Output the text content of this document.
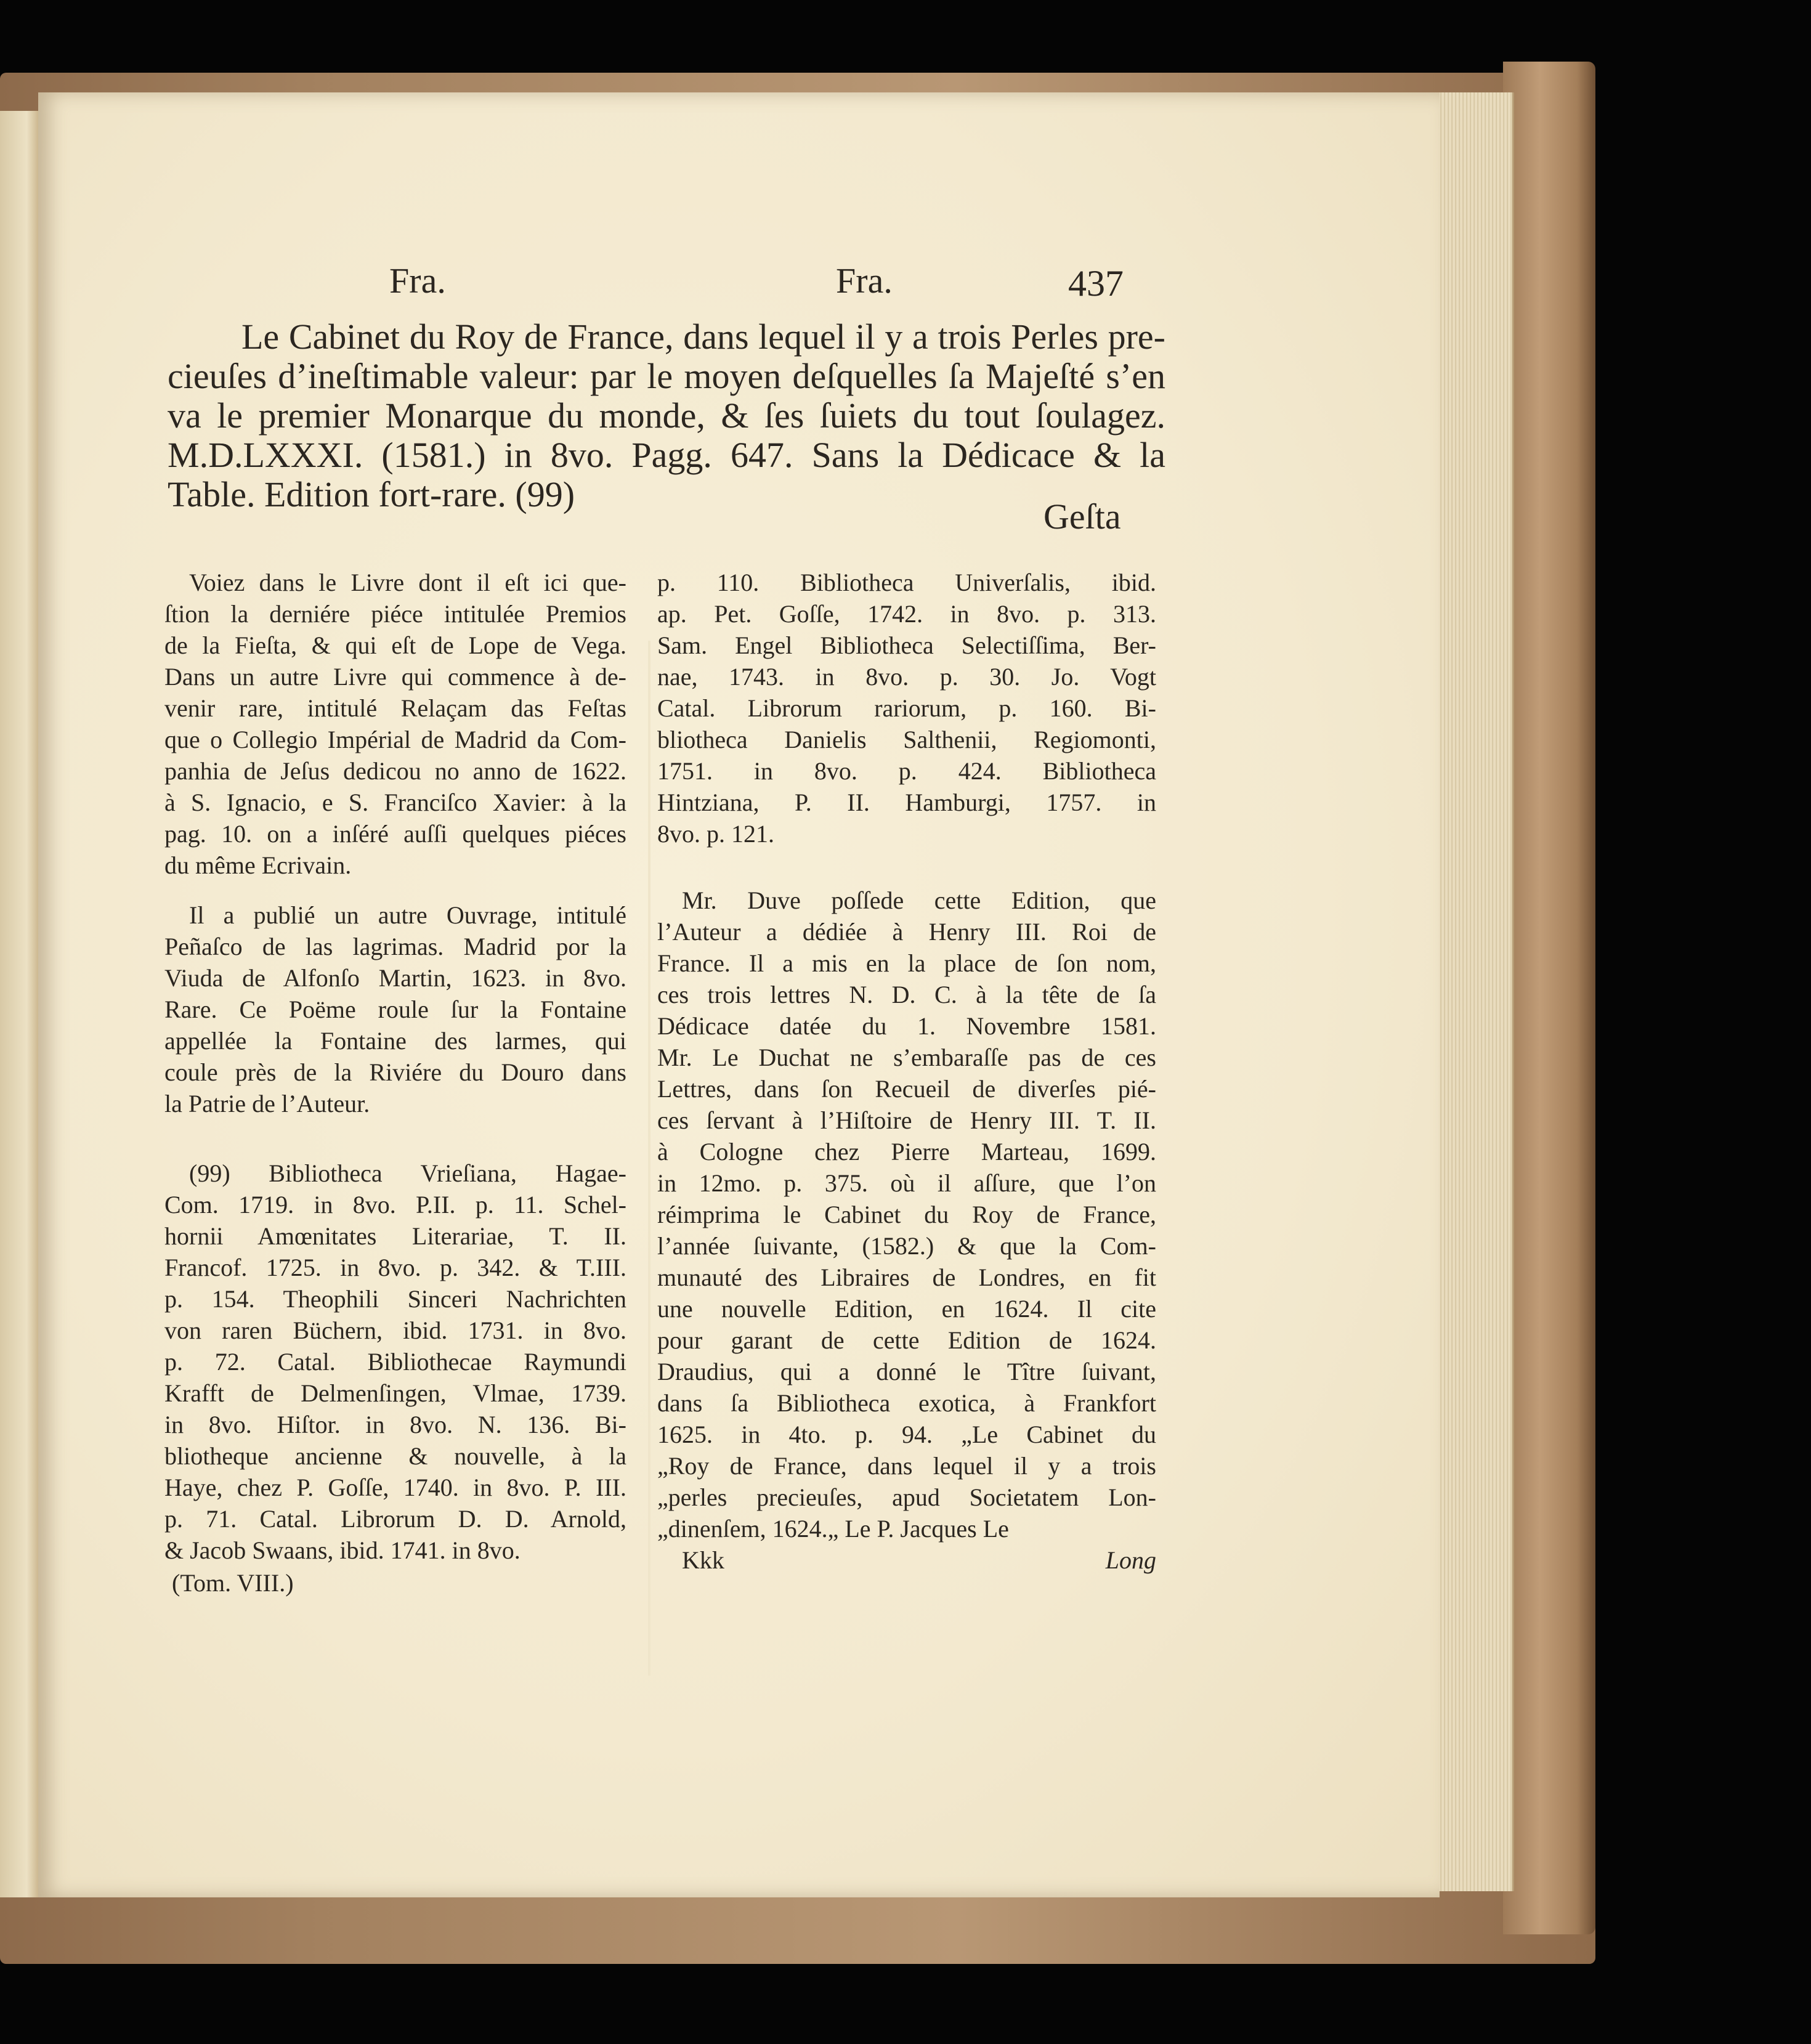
Fra.	Fra.	437
Le Cabinet du Roy de France, dans lequel il y a trois Perles pre-
cieuſes d’ineſtimable valeur: par le moyen deſquelles ſa Majeſté s’en
va le premier Monarque du monde, & ſes ſuiets du tout ſoulagez.
M.D.LXXXI. (1581.) in 8vo. Pagg. 647. Sans la Dédicace & la
Table. Edition fort-rare. (99)
Geſta

Voiez dans le Livre dont il eſt ici que-
ſtion la derniére piéce intitulée Premios
de la Fieſta, & qui eſt de Lope de Vega.
Dans un autre Livre qui commence à de-
venir rare, intitulé Relaçam das Feſtas
que o Collegio Impérial de Madrid da Com-
panhia de Jeſus dedicou no anno de 1622.
à S. Ignacio, e S. Franciſco Xavier: à la
pag. 10. on a inſéré auſſi quelques piéces
du même Ecrivain.

Il a publié un autre Ouvrage, intitulé
Peñaſco de las lagrimas. Madrid por la
Viuda de Alfonſo Martin, 1623. in 8vo.
Rare. Ce Poëme roule ſur la Fontaine
appellée la Fontaine des larmes, qui
coule près de la Riviére du Douro dans
la Patrie de l’Auteur.

(99) Bibliotheca Vrieſiana, Hagae-
Com. 1719. in 8vo. P.II. p. 11. Schel-
hornii Amœnitates Literariae, T. II.
Francof. 1725. in 8vo. p. 342. & T.III.
p. 154. Theophili Sinceri Nachrichten
von raren Büchern, ibid. 1731. in 8vo.
p. 72. Catal. Bibliothecae Raymundi
Krafft de Delmenſingen, Vlmae, 1739.
in 8vo. Hiſtor. in 8vo. N. 136. Bi-
bliotheque ancienne & nouvelle, à la
Haye, chez P. Goſſe, 1740. in 8vo. P. III.
p. 71. Catal. Librorum D. D. Arnold,
& Jacob Swaans, ibid. 1741. in 8vo.

(Tom. VIII.)

p. 110. Bibliotheca Univerſalis, ibid.
ap. Pet. Goſſe, 1742. in 8vo. p. 313.
Sam. Engel Bibliotheca Selectiſſima, Ber-
nae, 1743. in 8vo. p. 30. Jo. Vogt
Catal. Librorum rariorum, p. 160. Bi-
bliotheca Danielis Salthenii, Regiomonti,
1751. in 8vo. p. 424. Bibliotheca
Hintziana, P. II. Hamburgi, 1757. in
8vo. p. 121.

Mr. Duve poſſede cette Edition, que
l’Auteur a dédiée à Henry III. Roi de
France. Il a mis en la place de ſon nom,
ces trois lettres N. D. C. à la tête de ſa
Dédicace datée du 1. Novembre 1581.
Mr. Le Duchat ne s’embaraſſe pas de ces
Lettres, dans ſon Recueil de diverſes pié-
ces ſervant à l’Hiſtoire de Henry III. T. II.
à Cologne chez Pierre Marteau, 1699.
in 12mo. p. 375. où il aſſure, que l’on
réimprima le Cabinet du Roy de France,
l’année ſuivante, (1582.) & que la Com-
munauté des Libraires de Londres, en fit
une nouvelle Edition, en 1624. Il cite
pour garant de cette Edition de 1624.
Draudius, qui a donné le Tître ſuivant,
dans ſa Bibliotheca exotica, à Frankfort
1625. in 4to. p. 94. „Le Cabinet du
„Roy de France, dans lequel il y a trois
„perles precieuſes, apud Societatem Lon-
„dinenſem, 1624.„ Le P. Jacques Le

Kkk	Long
